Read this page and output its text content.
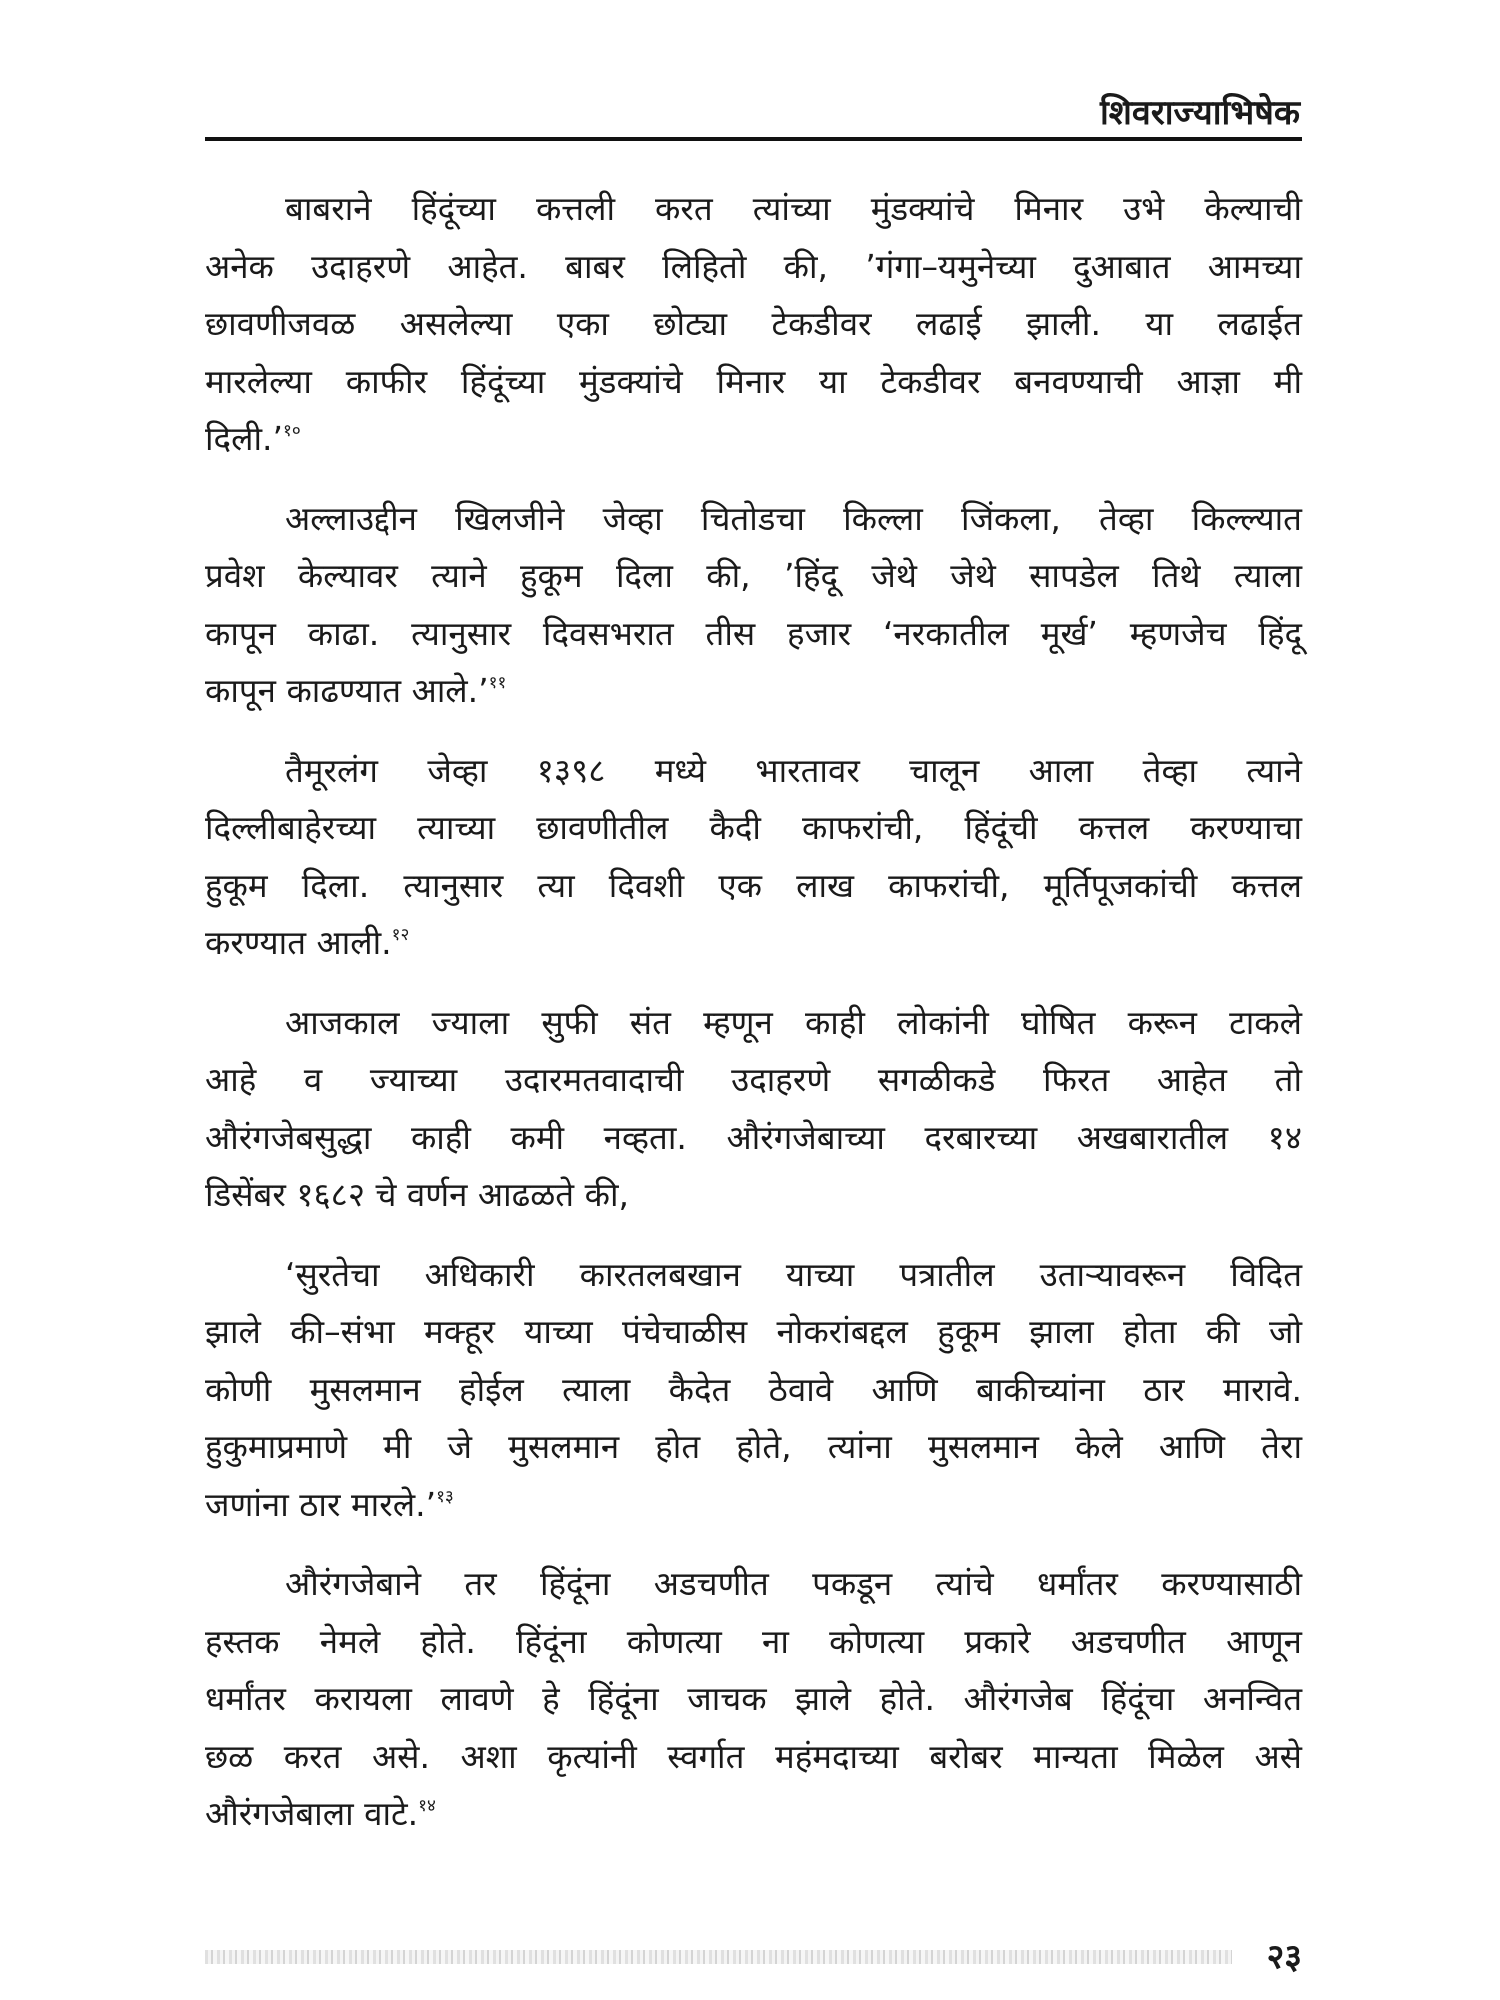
शिवराज्याभिषेक
बाबराने हिंदूंच्या कत्तली करत त्यांच्या मुंडक्यांचे मिनार उभे केल्याची
अनेक उदाहरणे आहेत. बाबर लिहितो की, ’गंगा–यमुनेच्या दुआबात आमच्या
छावणीजवळ असलेल्या एका छोट्या टेकडीवर लढाई झाली. या लढाईत
मारलेल्या काफीर हिंदूंच्या मुंडक्यांचे मिनार या टेकडीवर बनवण्याची आज्ञा मी
दिली.’$^{१०}$
अल्लाउद्दीन खिलजीने जेव्हा चितोडचा किल्ला जिंकला, तेव्हा किल्ल्यात
प्रवेश केल्यावर त्याने हुकूम दिला की, ’हिंदू जेथे जेथे सापडेल तिथे त्याला
कापून काढा. त्यानुसार दिवसभरात तीस हजार ‘नरकातील मूर्ख’ म्हणजेच हिंदू
कापून काढण्यात आले.’$^{११}$
तैमूरलंग जेव्हा १३९८ मध्ये भारतावर चालून आला तेव्हा त्याने
दिल्लीबाहेरच्या त्याच्या छावणीतील कैदी काफरांची, हिंदूंची कत्तल करण्याचा
हुकूम दिला. त्यानुसार त्या दिवशी एक लाख काफरांची, मूर्तिपूजकांची कत्तल
करण्यात आली.$^{१२}$
आजकाल ज्याला सुफी संत म्हणून काही लोकांनी घोषित करून टाकले
आहे व ज्याच्या उदारमतवादाची उदाहरणे सगळीकडे फिरत आहेत तो
औरंगजेबसुद्धा काही कमी नव्हता. औरंगजेबाच्या दरबारच्या अखबारातील १४
डिसेंबर १६८२ चे वर्णन आढळते की,
‘सुरतेचा अधिकारी कारतलबखान याच्या पत्रातील उताऱ्यावरून विदित
झाले की–संभा मक्हूर याच्या पंचेचाळीस नोकरांबद्दल हुकूम झाला होता की जो
कोणी मुसलमान होईल त्याला कैदेत ठेवावे आणि बाकीच्यांना ठार मारावे.
हुकुमाप्रमाणे मी जे मुसलमान होत होते, त्यांना मुसलमान केले आणि तेरा
जणांना ठार मारले.’$^{१३}$
औरंगजेबाने तर हिंदूंना अडचणीत पकडून त्यांचे धर्मांतर करण्यासाठी
हस्तक नेमले होते. हिंदूंना कोणत्या ना कोणत्या प्रकारे अडचणीत आणून
धर्मांतर करायला लावणे हे हिंदूंना जाचक झाले होते. औरंगजेब हिंदूंचा अनन्वित
छळ करत असे. अशा कृत्यांनी स्वर्गात महंमदाच्या बरोबर मान्यता मिळेल असे
औरंगजेबाला वाटे.$^{१४}$
२३
